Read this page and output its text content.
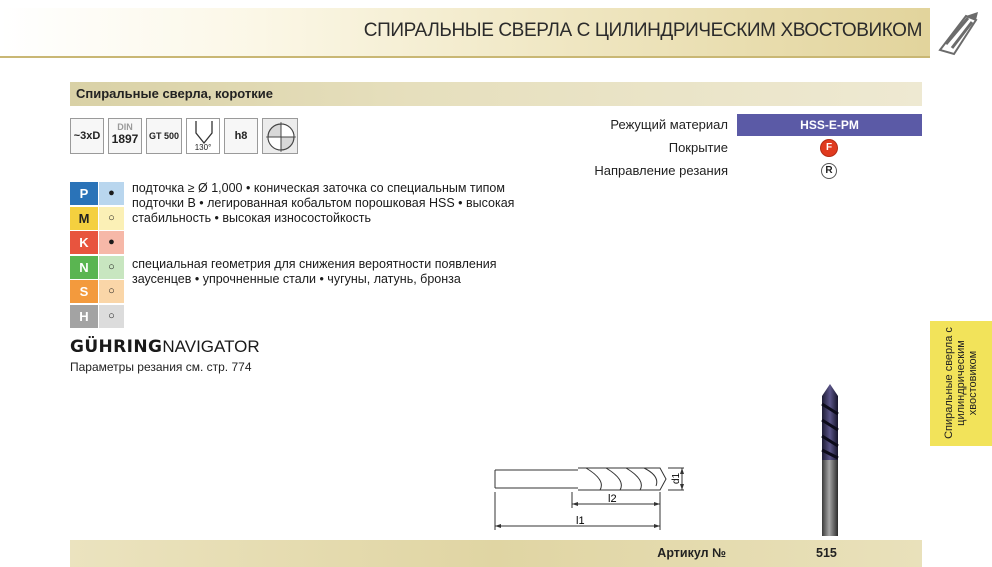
СПИРАЛЬНЫЕ СВЕРЛА С ЦИЛИНДРИЧЕСКИМ ХВОСТОВИКОМ
Спиральные сверла, короткие
~3xD
DIN
1897	GT 500
130°
h8
Режущий материал	HSS-E-PM
Покрытие	F
Направление резания	R
P	●
M	○
K	●
N	○
S	○
H	○
подточка ≥ Ø 1,000 • коническая заточка со специальным типом подточки B • легированная кобальтом порошковая HSS • высокая стабильность • высокая износостойкость
специальная геометрия для снижения вероятности появления заусенцев • упрочненные стали • чугуны, латунь, бронза
GÜHRINGNAVIGATOR
Параметры резания см. стр. 774	Спиральные сверла с цилиндрическим хвостовиком
l2
l1
d1
Артикул №	515
